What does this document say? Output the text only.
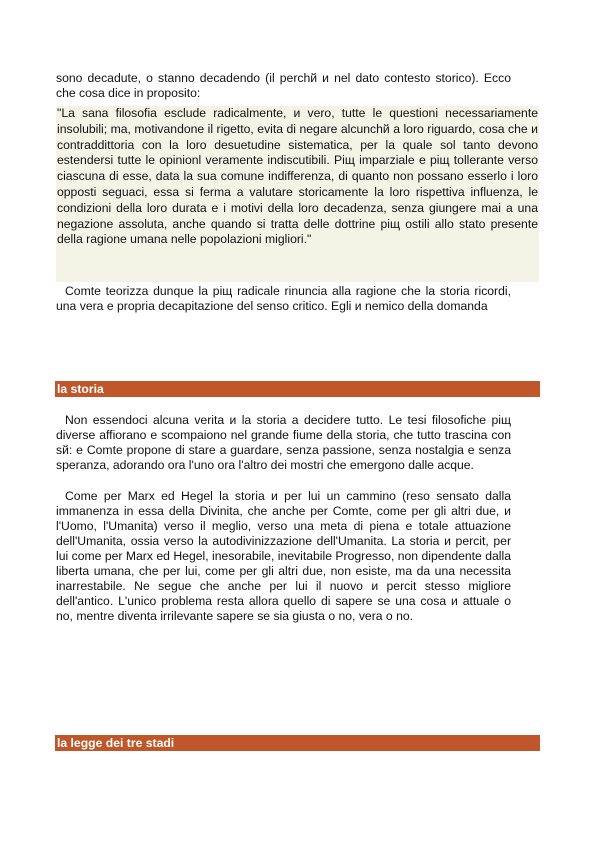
sono decadute, o stanno decadendo (il perchй и nel dato contesto storico). Ecco che cosa dice in proposito:

"La sana filosofia esclude radicalmente, и vero, tutte le questioni necessariamente insolubili; ma, motivandone il rigetto, evita di negare alcunchй a loro riguardo, cosa che и contraddittoria con la loro desuetudine sistematica, per la quale sol tanto devono estendersi tutte le opinionl veramente indiscutibili. Piщ imparziale e piщ tollerante verso ciascuna di esse, data la sua comune indifferenza, di quanto non possano esserlo i loro opposti seguaci, essa si ferma a valutare storicamente la loro rispettiva influenza, le condizioni della loro durata e i motivi della loro decadenza, senza giungere mai a una negazione assoluta, anche quando si tratta delle dottrine piщ ostili allo stato presente della ragione umana nelle popolazioni migliori."

Comte teorizza dunque la piщ radicale rinuncia alla ragione che la storia ricordi, una vera e propria decapitazione del senso critico. Egli и nemico della domanda

la storia

Non essendoci alcuna verita и la storia a decidere tutto. Le tesi filosofiche piщ diverse affiorano e scompaiono nel grande fiume della storia, che tutto trascina con sй: e Comte propone di stare a guardare, senza passione, senza nostalgia e senza speranza, adorando ora l'uno ora l'altro dei mostri che emergono dalle acque.

Come per Marx ed Hegel la storia и per lui un cammino (reso sensato dalla immanenza in essa della Divinita, che anche per Comte, come per gli altri due, и l'Uomo, l'Umanita) verso il meglio, verso una meta di piena e totale attuazione dell'Umanita, ossia verso la autodivinizzazione dell'Umanita. La storia и percit, per lui come per Marx ed Hegel, inesorabile, inevitabile Progresso, non dipendente dalla liberta umana, che per lui, come per gli altri due, non esiste, ma da una necessita inarrestabile. Ne segue che anche per lui il nuovo и percit stesso migliore dell'antico. L'unico problema resta allora quello di sapere se una cosa и attuale o no, mentre diventa irrilevante sapere se sia giusta o no, vera o no.

la legge dei tre stadi
